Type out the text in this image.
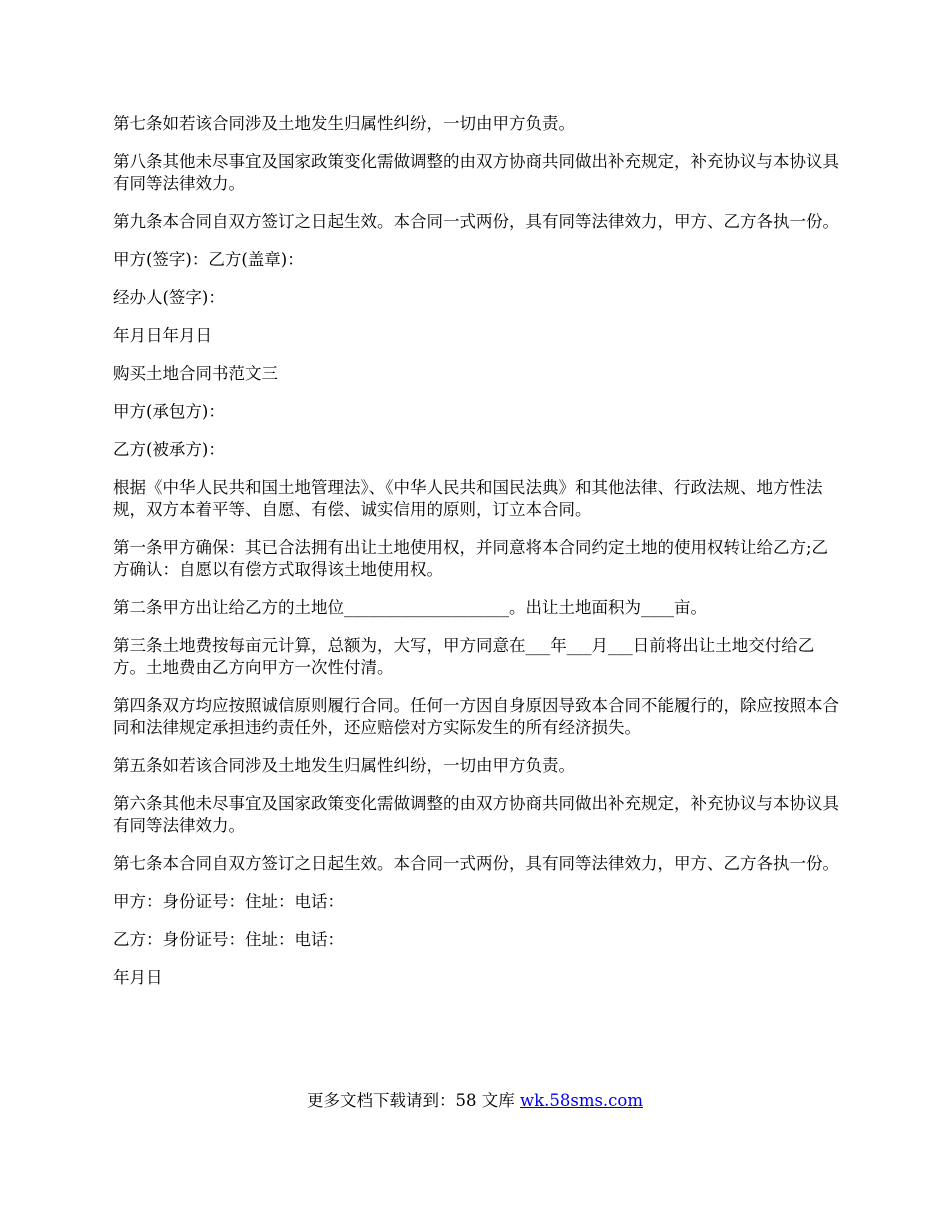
第七条如若该合同涉及土地发生归属性纠纷，一切由甲方负责。

第八条其他未尽事宜及国家政策变化需做调整的由双方协商共同做出补充规定，补充协议与本协议具有同等法律效力。

第九条本合同自双方签订之日起生效。本合同一式两份，具有同等法律效力，甲方、乙方各执一份。

甲方(签字)：乙方(盖章)：

经办人(签字)：

年月日年月日

购买土地合同书范文三

甲方(承包方)：

乙方(被承方)：

根据《中华人民共和国土地管理法》、《中华人民共和国民法典》和其他法律、行政法规、地方性法规，双方本着平等、自愿、有偿、诚实信用的原则，订立本合同。

第一条甲方确保：其已合法拥有出让土地使用权，并同意将本合同约定土地的使用权转让给乙方;乙方确认：自愿以有偿方式取得该土地使用权。

第二条甲方出让给乙方的土地位____________________。出让土地面积为____亩。

第三条土地费按每亩元计算，总额为，大写，甲方同意在___年___月___日前将出让土地交付给乙方。土地费由乙方向甲方一次性付清。

第四条双方均应按照诚信原则履行合同。任何一方因自身原因导致本合同不能履行的，除应按照本合同和法律规定承担违约责任外，还应赔偿对方实际发生的所有经济损失。

第五条如若该合同涉及土地发生归属性纠纷，一切由甲方负责。

第六条其他未尽事宜及国家政策变化需做调整的由双方协商共同做出补充规定，补充协议与本协议具有同等法律效力。

第七条本合同自双方签订之日起生效。本合同一式两份，具有同等法律效力，甲方、乙方各执一份。

甲方：身份证号：住址：电话：

乙方：身份证号：住址：电话：

年月日

更多文档下载请到：58 文库 wk.58sms.com
